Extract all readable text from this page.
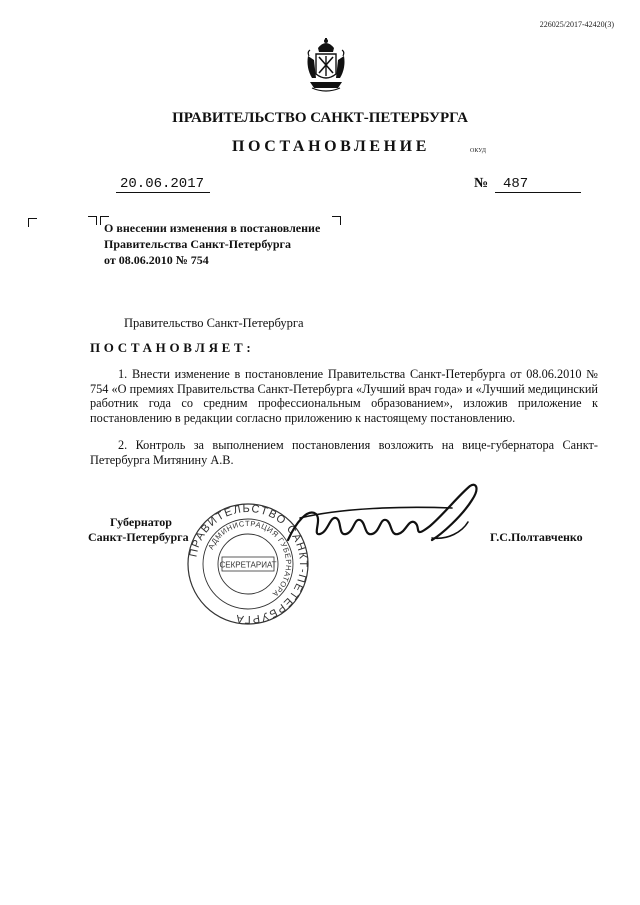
226025/2017-42420(3)
ПРАВИТЕЛЬСТВО САНКТ-ПЕТЕРБУРГА
ПОСТАНОВЛЕНИЕ	ОКУД
20.06.2017	№	487
О внесении изменения в постановление
Правительства Санкт-Петербурга
от 08.06.2010 № 754
Правительство Санкт-Петербурга
ПОСТАНОВЛЯЕТ:
1. Внести изменение в постановление Правительства Санкт-Петербурга от 08.06.2010 № 754 «О премиях Правительства Санкт-Петербурга «Лучший врач года» и «Лучший медицинский работник года со средним профессиональным образованием», изложив приложение к постановлению в редакции согласно приложению к настоящему постановлению.
2. Контроль за выполнением постановления возложить на вице-губернатора Санкт-Петербурга Митянину А.В.
ПРАВИТЕЛЬСТВО САНКТ-ПЕТЕРБУРГА
АДМИНИСТРАЦИЯ ГУБЕРНАТОРА
СЕКРЕТАРИАТ
Губернатор
Санкт-Петербурга	Г.С.Полтавченко
